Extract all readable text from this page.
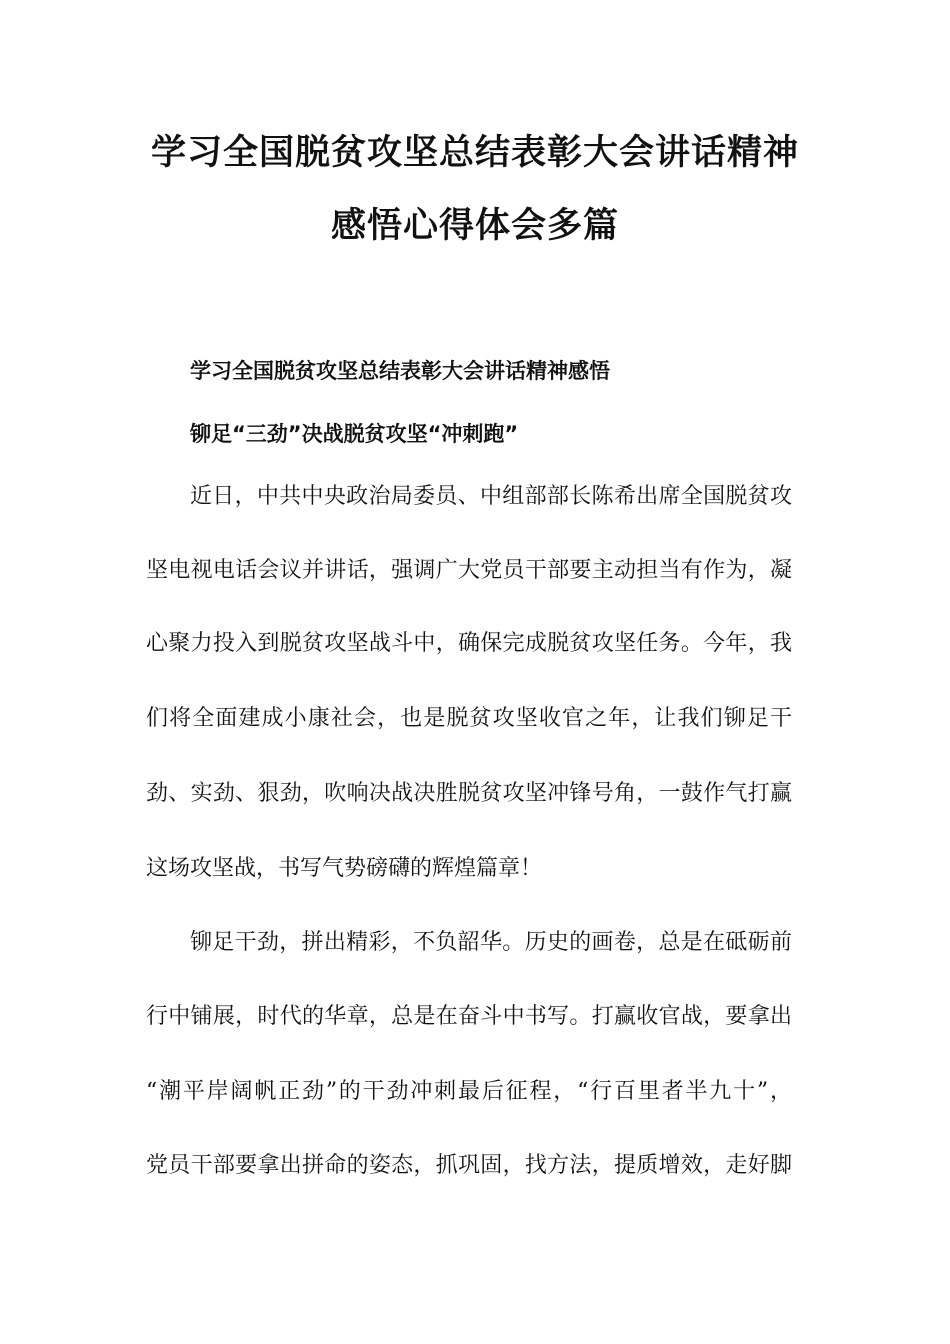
学习全国脱贫攻坚总结表彰大会讲话精神
感悟心得体会多篇
学习全国脱贫攻坚总结表彰大会讲话精神感悟
铆足“三劲”决战脱贫攻坚“冲刺跑”
近日，中共中央政治局委员、中组部部长陈希出席全国脱贫攻
坚电视电话会议并讲话，强调广大党员干部要主动担当有作为，凝
心聚力投入到脱贫攻坚战斗中，确保完成脱贫攻坚任务。今年，我
们将全面建成小康社会，也是脱贫攻坚收官之年，让我们铆足干
劲、实劲、狠劲，吹响决战决胜脱贫攻坚冲锋号角，一鼓作气打赢
这场攻坚战，书写气势磅礴的辉煌篇章！
铆足干劲，拼出精彩，不负韶华。历史的画卷，总是在砥砺前
行中铺展，时代的华章，总是在奋斗中书写。打赢收官战，要拿出
“潮平岸阔帆正劲”的干劲冲刺最后征程，“行百里者半九十”，
党员干部要拿出拼命的姿态，抓巩固，找方法，提质增效，走好脚
